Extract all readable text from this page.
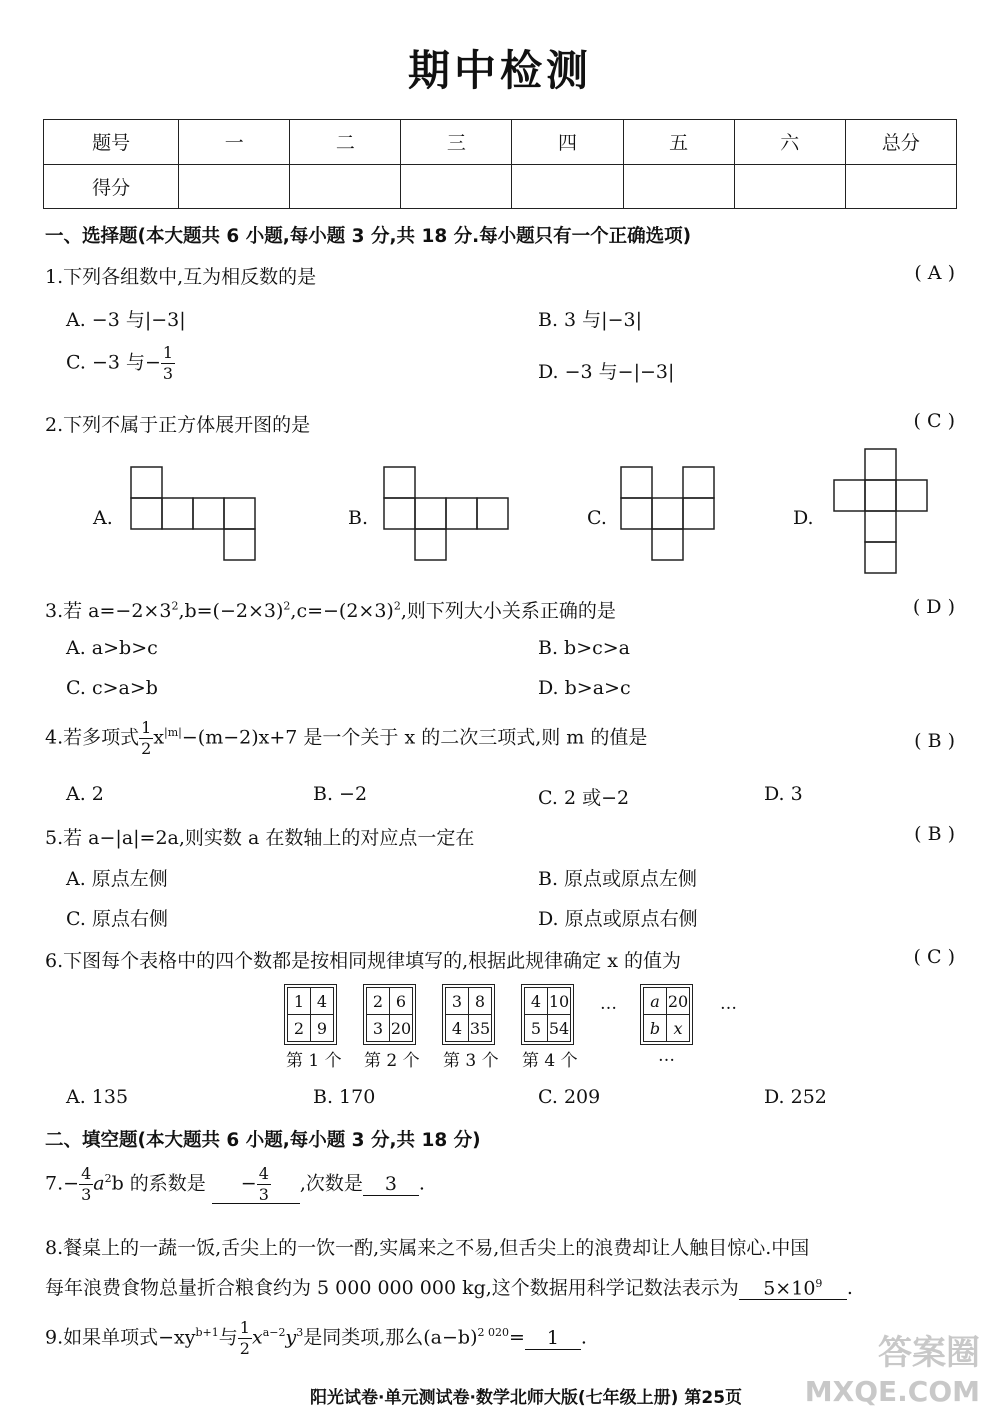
期中检测
题号	一	二	三	四	五	六	总分
得分							
一、选择题(本大题共 6 小题,每小题 3 分,共 18 分.每小题只有一个正确选项)
1.下列各组数中,互为相反数的是	( A )
A. −3 与|−3|	B. 3 与|−3|
C. −3 与− $\frac{1}{3}$	D. −3 与−|−3|
2.下列不属于正方体展开图的是	( C )
A.	B.	C.	D.
3.若 $a=-2\times 3^2,b=(-2\times 3)^2,c=-(2\times 3)^2$,则下列大小关系正确的是	( D )
A. a>b>c	B. b>c>a
C. c>a>b	D. b>a>c
4.若多项式 $\frac{1}{2} x^{|m|}-(m-2)x+7$ 是一个关于 x 的二次三项式,则 m 的值是	( B )
A. 2	B. −2	C. 2 或−2	D. 3
5.若 a−|a|=2a,则实数 a 在数轴上的对应点一定在	( B )
A. 原点左侧	B. 原点或原点左侧
C. 原点右侧	D. 原点或原点右侧
6.下图每个表格中的四个数都是按相同规律填写的,根据此规律确定 x 的值为	( C )
1	4
2	9
2	6
3	20
3	8
4	35
4	10
5	54
… a	20
b	x
…
第 1 个 第 2 个 第 3 个 第 4 个	…
A. 135	B. 170	C. 209	D. 252
二、填空题(本大题共 6 小题,每小题 3 分,共 18 分)
$7.- \frac{4}{3} a^2b$ 的系数是 − $\frac{4}{3}$ ,次数是 3 .
8.餐桌上的一蔬一饭,舌尖上的一饮一酌,实属来之不易,但舌尖上的浪费却让人触目惊心.中国
每年浪费食物总量折合粮食约为 5 000 000 000 kg,这个数据用科学记数法表示为 $5\times 10^9$ .
9.如果单项式$-xy^{b+1}$与 $\frac{1}{2} x^{a-2}y^3$是同类项,那么$(a-b)^{2 020}= 1$ .	答案圈
MXQE.COM
阳光试卷·单元测试卷·数学北师大版(七年级上册) 第25页
